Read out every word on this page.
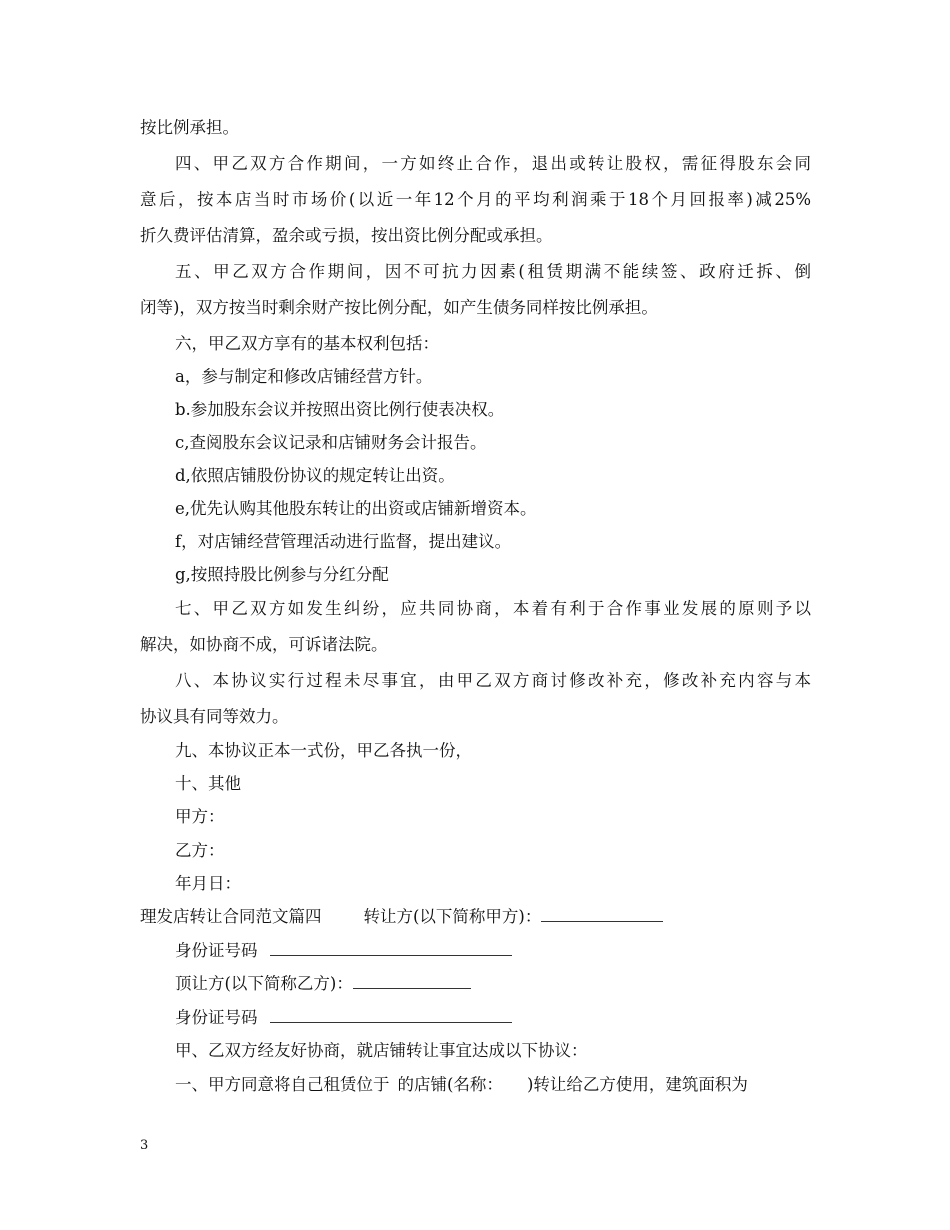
按比例承担。
四、甲乙双方合作期间，一方如终止合作，退出或转让股权，需征得股东会同
意后，按本店当时市场价(以近一年12个月的平均利润乘于18个月回报率)减25%
折久费评估清算，盈余或亏损，按出资比例分配或承担。
五、甲乙双方合作期间，因不可抗力因素(租赁期满不能续签、政府迁拆、倒
闭等)，双方按当时剩余财产按比例分配，如产生债务同样按比例承担。
六，甲乙双方享有的基本权利包括：
a，参与制定和修改店铺经营方针。
b.参加股东会议并按照出资比例行使表决权。
c,查阅股东会议记录和店铺财务会计报告。
d,依照店铺股份协议的规定转让出资。
e,优先认购其他股东转让的出资或店铺新增资本。
f，对店铺经营管理活动进行监督，提出建议。
g,按照持股比例参与分红分配
七、甲乙双方如发生纠纷，应共同协商，本着有利于合作事业发展的原则予以
解决，如协商不成，可诉诸法院。
八、本协议实行过程未尽事宜，由甲乙双方商讨修改补充，修改补充内容与本
协议具有同等效力。
九、本协议正本一式份，甲乙各执一份，
十、其他
甲方：
乙方：
年月日：
理发店转让合同范文篇四	转让方(以下简称甲方)：
身份证号码
顶让方(以下简称乙方)：
身份证号码
甲、乙双方经友好协商，就店铺转让事宜达成以下协议：
一、甲方同意将自己租赁位于 的店铺(名称： )转让给乙方使用，建筑面积为
3
